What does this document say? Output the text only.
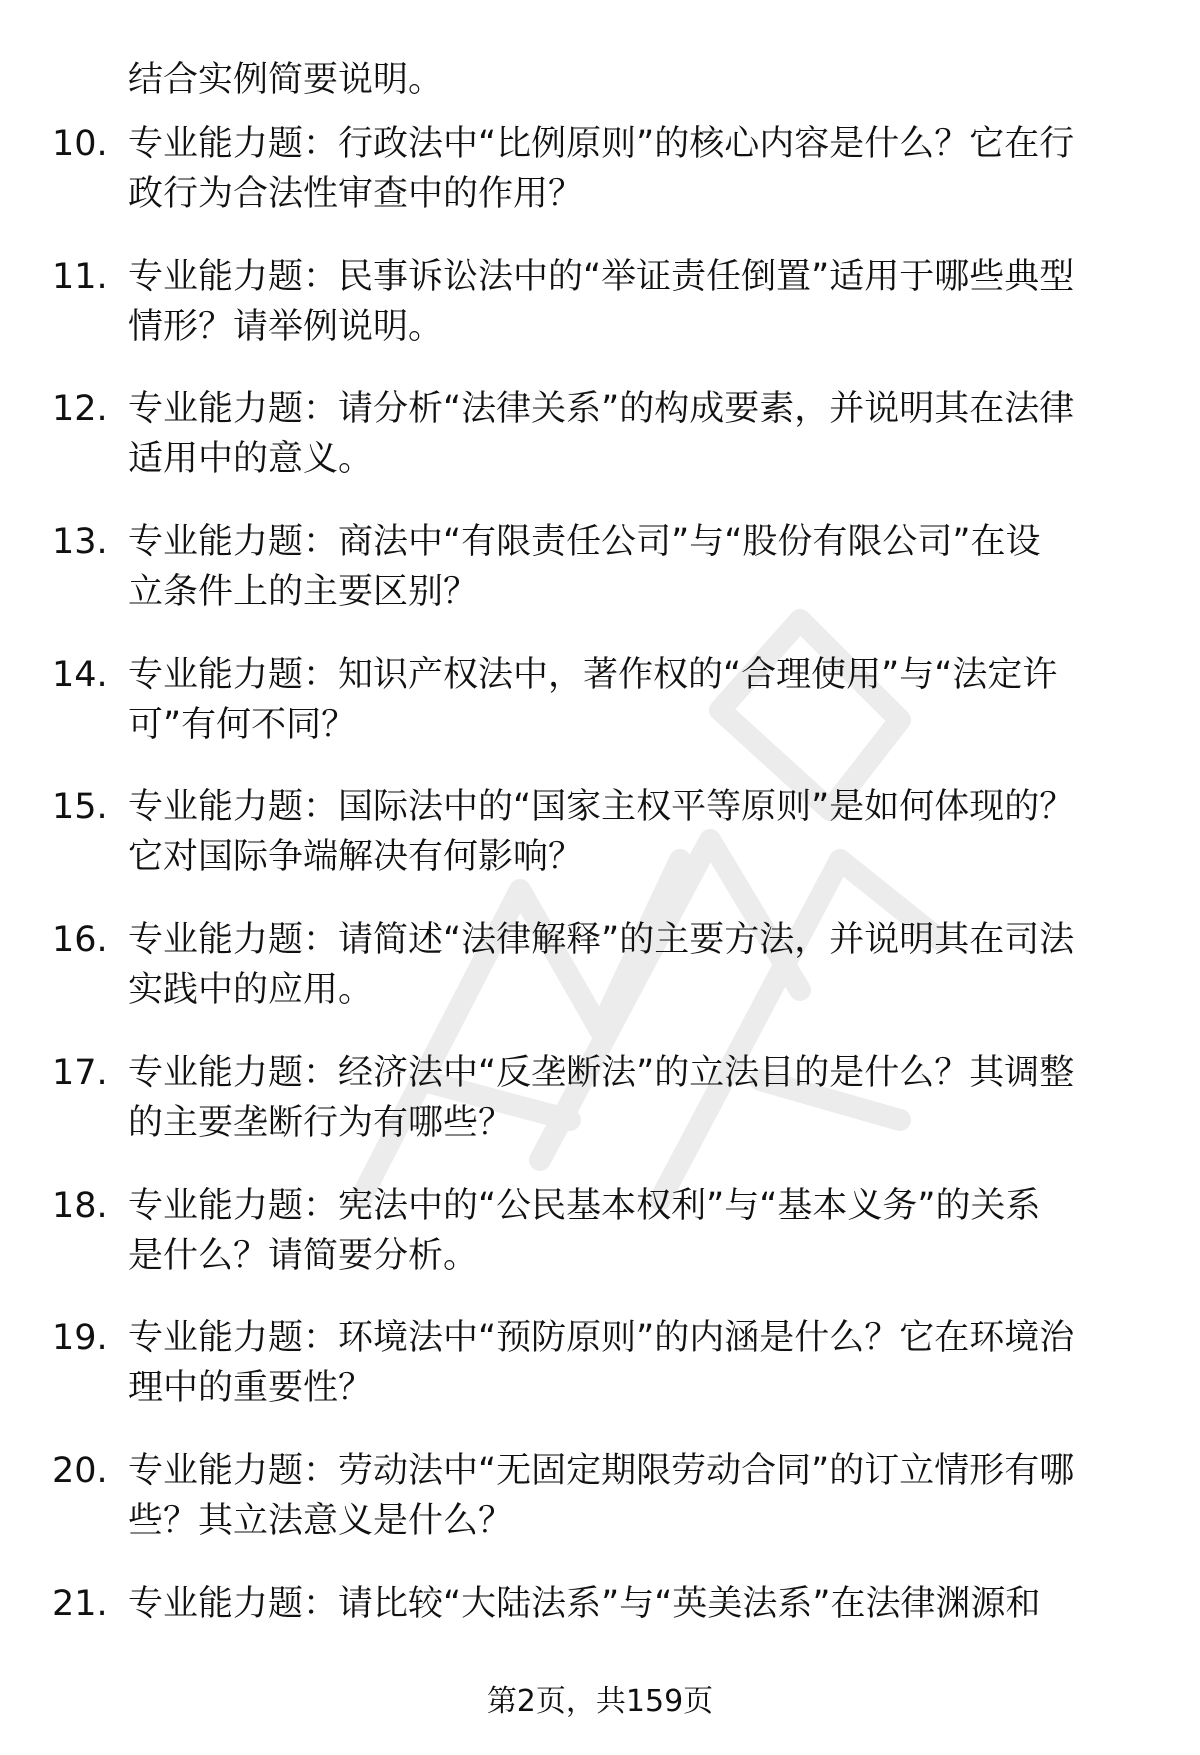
结合实例简要说明。
10. 专业能力题：行政法中“比例原则”的核心内容是什么？它在行
政行为合法性审查中的作用？
11. 专业能力题：民事诉讼法中的“举证责任倒置”适用于哪些典型
情形？请举例说明。
12. 专业能力题：请分析“法律关系”的构成要素，并说明其在法律
适用中的意义。
13. 专业能力题：商法中“有限责任公司”与“股份有限公司”在设
立条件上的主要区别？
14. 专业能力题：知识产权法中，著作权的“合理使用”与“法定许
可”有何不同？
15. 专业能力题：国际法中的“国家主权平等原则”是如何体现的？
它对国际争端解决有何影响？
16. 专业能力题：请简述“法律解释”的主要方法，并说明其在司法
实践中的应用。
17. 专业能力题：经济法中“反垄断法”的立法目的是什么？其调整
的主要垄断行为有哪些？
18. 专业能力题：宪法中的“公民基本权利”与“基本义务”的关系
是什么？请简要分析。
19. 专业能力题：环境法中“预防原则”的内涵是什么？它在环境治
理中的重要性？
20. 专业能力题：劳动法中“无固定期限劳动合同”的订立情形有哪
些？其立法意义是什么？
21. 专业能力题：请比较“大陆法系”与“英美法系”在法律渊源和
第2页，共159页
